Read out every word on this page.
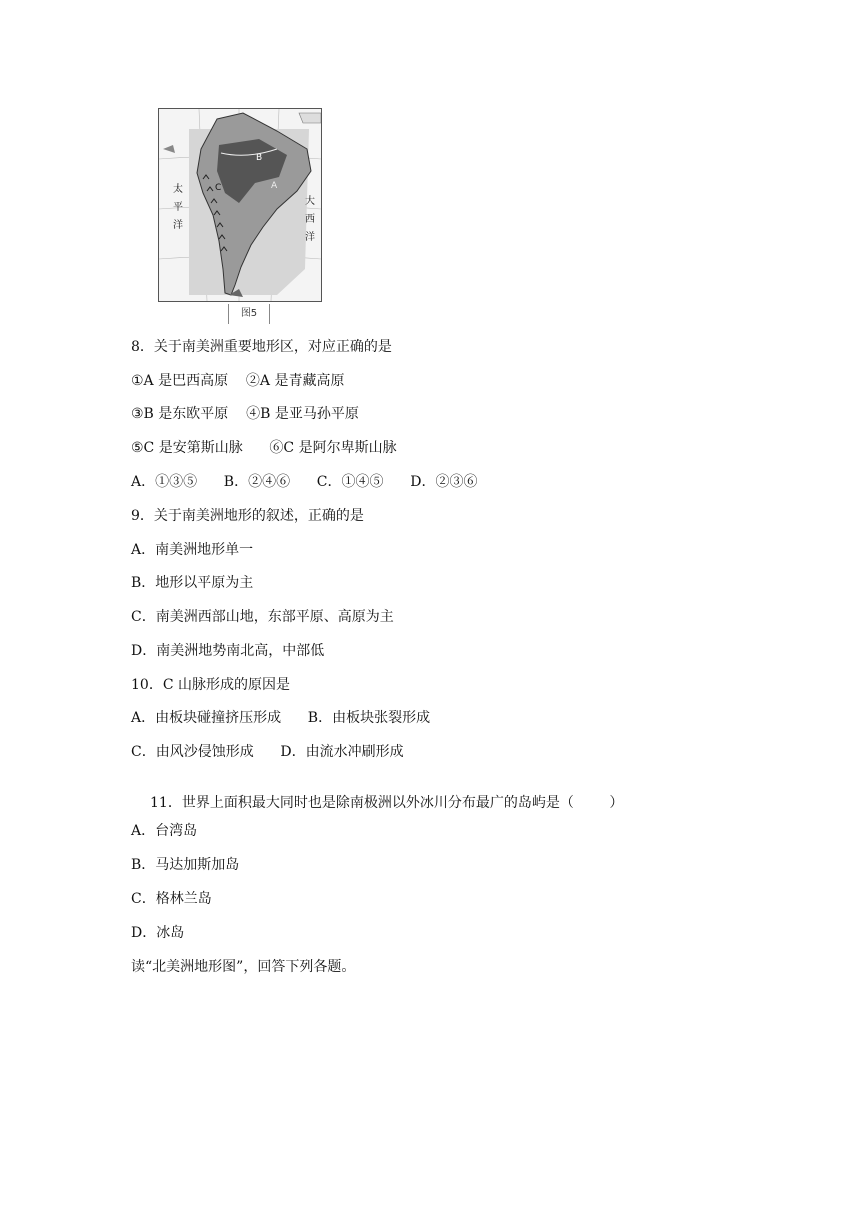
B
A
C
太
平
洋
大
西
洋
图5
8．关于南美洲重要地形区，对应正确的是
①A 是巴西高原    ②A 是青藏高原
③B 是东欧平原    ④B 是亚马孙平原
⑤C 是安第斯山脉      ⑥C 是阿尔卑斯山脉
A．①③⑤      B．②④⑥      C．①④⑤      D．②③⑥
9．关于南美洲地形的叙述，正确的是
A．南美洲地形单一
B．地形以平原为主
C．南美洲西部山地，东部平原、高原为主
D．南美洲地势南北高，中部低
10．C 山脉形成的原因是
A．由板块碰撞挤压形成      B．由板块张裂形成
C．由风沙侵蚀形成      D．由流水冲刷形成
11．世界上面积最大同时也是除南极洲以外冰川分布最广的岛屿是（        ）
A．台湾岛
B．马达加斯加岛
C．格林兰岛
D．冰岛
读“北美洲地形图”，回答下列各题。
